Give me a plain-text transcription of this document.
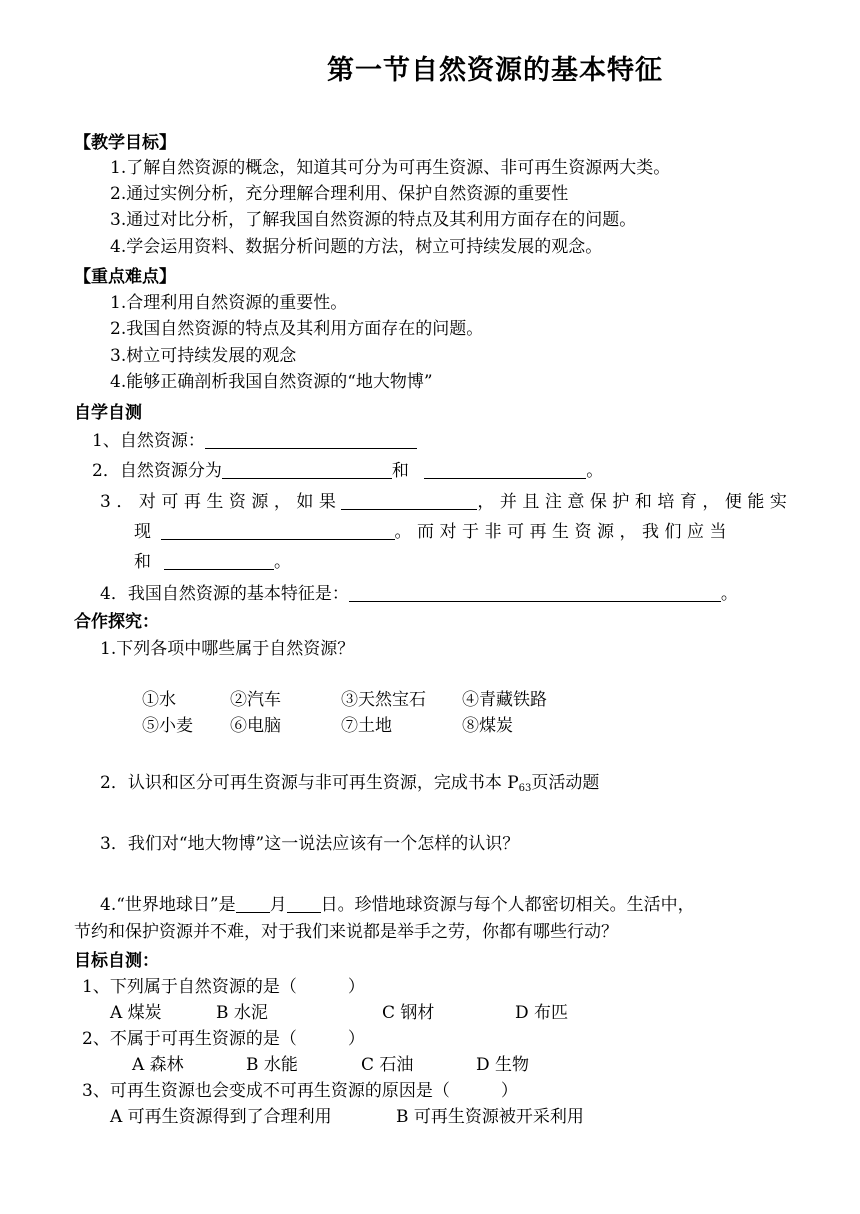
第一节自然资源的基本特征
【教学目标】
1.了解自然资源的概念，知道其可分为可再生资源、非可再生资源两大类。
2.通过实例分析，充分理解合理利用、保护自然资源的重要性
3.通过对比分析，了解我国自然资源的特点及其利用方面存在的问题。
4.学会运用资料、数据分析问题的方法，树立可持续发展的观念。
【重点难点】
1.合理利用自然资源的重要性。
2.我国自然资源的特点及其利用方面存在的问题。
3.树立可持续发展的观念
4.能够正确剖析我国自然资源的“地大物博”
自学自测
1、自然资源：
2．自然资源分为	和	。
3．对可再生资源，如果	，并且注意保护和培育，便能实
现	。而对于非可再生资源，我们应当
和	。
4．我国自然资源的基本特征是：	。
合作探究：
1.下列各项中哪些属于自然资源？
①水	②汽车	③天然宝石 ④青藏铁路
⑤小麦 ⑥电脑	⑦土地	⑧煤炭
2．认识和区分可再生资源与非可再生资源，完成书本 $P_{63}$页活动题
3．我们对“地大物博”这一说法应该有一个怎样的认识？
4.“世界地球日”是 月 日。珍惜地球资源与每个人都密切相关。生活中，
节约和保护资源并不难，对于我们来说都是举手之劳，你都有哪些行动？
目标自测：
1、下列属于自然资源的是（　　　）
A 煤炭	B 水泥	C 钢材	D 布匹
2、不属于可再生资源的是（　　　）
A 森林	B 水能	C 石油	D 生物
3、可再生资源也会变成不可再生资源的原因是（　　　）
A 可再生资源得到了合理利用	B 可再生资源被开采利用
